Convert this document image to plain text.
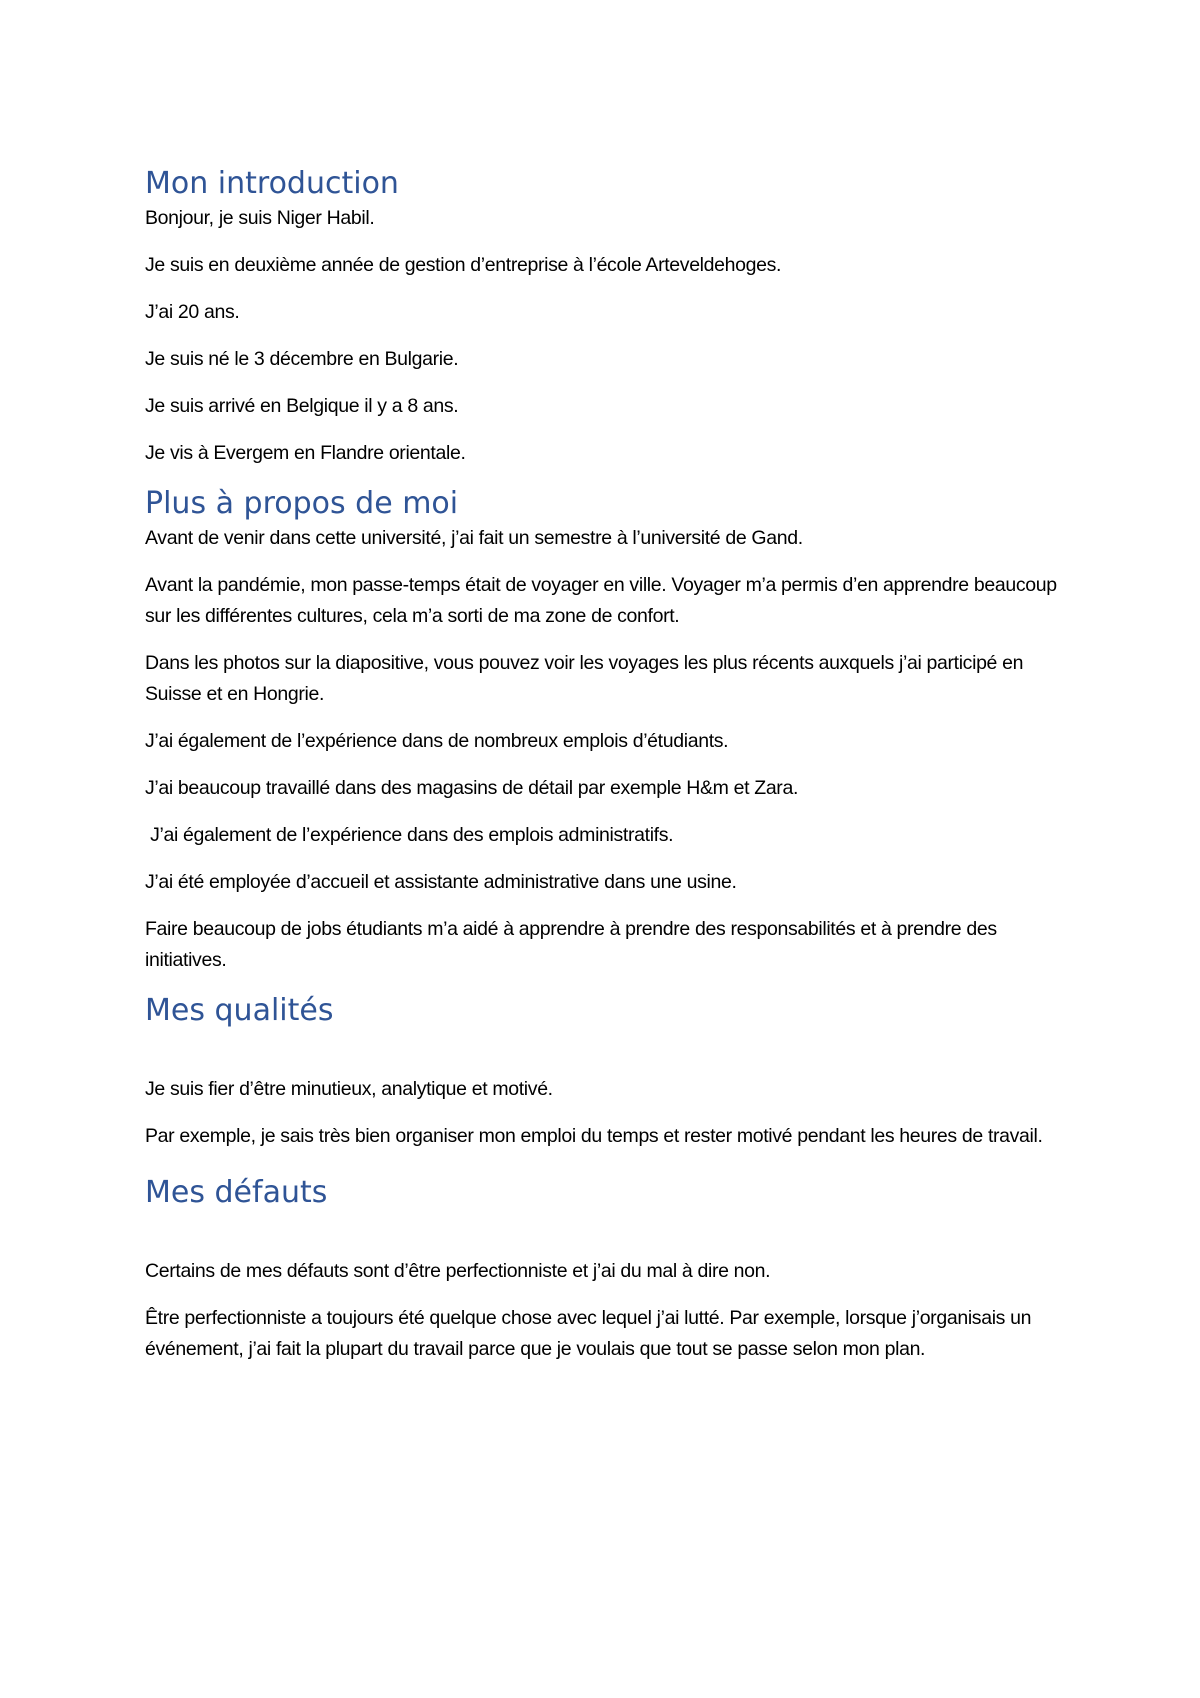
Mon introduction

Bonjour, je suis Niger Habil.

Je suis en deuxième année de gestion d’entreprise à l’école Arteveldehoges.

J’ai 20 ans.

Je suis né le 3 décembre en Bulgarie.

Je suis arrivé en Belgique il y a 8 ans.

Je vis à Evergem en Flandre orientale.

Plus à propos de moi

Avant de venir dans cette université, j’ai fait un semestre à l’université de Gand.

Avant la pandémie, mon passe-temps était de voyager en ville. Voyager m’a permis d’en apprendre beaucoup sur les différentes cultures, cela m’a sorti de ma zone de confort.

Dans les photos sur la diapositive, vous pouvez voir les voyages les plus récents auxquels j’ai participé en Suisse et en Hongrie.

J’ai également de l’expérience dans de nombreux emplois d’étudiants.

J’ai beaucoup travaillé dans des magasins de détail par exemple H&m et Zara.

J’ai également de l’expérience dans des emplois administratifs.

J’ai été employée d’accueil et assistante administrative dans une usine.

Faire beaucoup de jobs étudiants m’a aidé à apprendre à prendre des responsabilités et à prendre des initiatives.

Mes qualités

Je suis fier d’être minutieux, analytique et motivé.

Par exemple, je sais très bien organiser mon emploi du temps et rester motivé pendant les heures de travail.

Mes défauts

Certains de mes défauts sont d’être perfectionniste et j’ai du mal à dire non.

Être perfectionniste a toujours été quelque chose avec lequel j’ai lutté. Par exemple, lorsque j’organisais un événement, j’ai fait la plupart du travail parce que je voulais que tout se passe selon mon plan.
